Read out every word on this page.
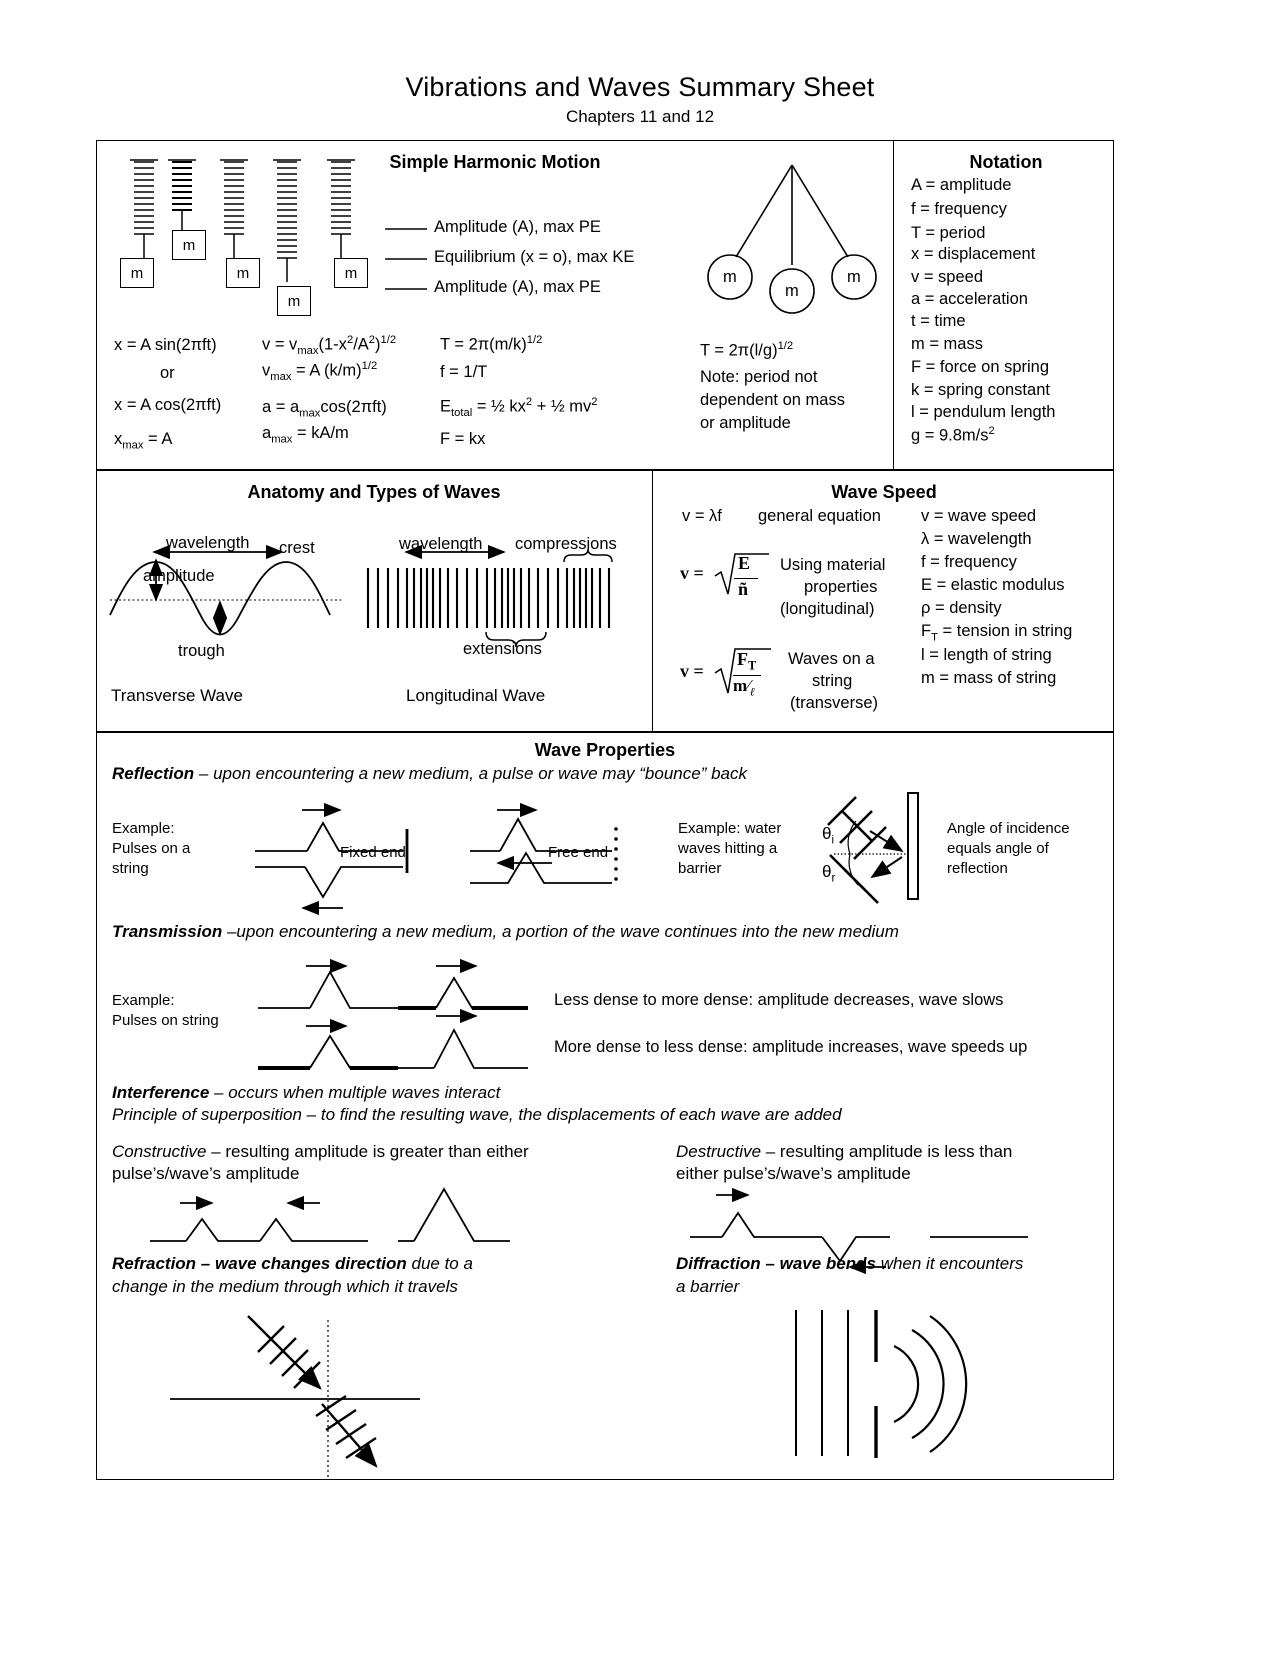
Vibrations and Waves Summary Sheet
Chapters 11 and 12
Simple Harmonic Motion	Notation
m
m
m
m
m
Amplitude (A), max PE
Equilibrium (x = o), max KE
Amplitude (A), max PE
m
m
m
x = A sin(2πft)
or
x = A cos(2πft)
$x_{max} = A$
$v = v_{max}(1-x^2/A^2)^{1/2}$
$v_{max} = A$ $(k/m)^{1/2}$
$a = a_{max}\cos(2\pi ft)$
$a_{max} = kA/m$
$T = 2\pi(m/k)^{1/2}$
f = 1/T
$E_{total}$ = ½ $kx^2$ + ½ $mv^2$
F = kx
$T = 2\pi(l/g)^{1/2}$
Note: period not
dependent on mass
or amplitude
A = amplitude
f = frequency
T = period
x = displacement
v = speed
a = acceleration
t = time
m = mass
F = force on spring
k = spring constant
l = pendulum length
$g = 9.8m/s^2$
Anatomy and Types of Waves	Wave Speed
wavelength crest
amplitude
trough
Transverse Wave
wavelength compressions
extensions
Longitudinal Wave
v = λf general equation
v = E
ñ
Using material
properties
(longitudinal)
v =
$F_T$
$m⁄_\ell$
Waves on a
string
(transverse)
v = wave speed
λ = wavelength
f = frequency
E = elastic modulus
ρ = density
$F_T$ = tension in string
l = length of string
m = mass of string
Wave Properties
Reflection – upon encountering a new medium, a pulse or wave may “bounce” back
Example:
Pulses on a
string
Fixed end	Free end
Example: water
waves hitting a
barrier
$\theta_i$
$\theta_r$
Angle of incidence
equals angle of
reflection
Transmission –upon encountering a new medium, a portion of the wave continues into the new medium
Example:
Pulses on string
Less dense to more dense: amplitude decreases, wave slows
More dense to less dense: amplitude increases, wave speeds up
Interference – occurs when multiple waves interact
Principle of superposition – to find the resulting wave, the displacements of each wave are added
Constructive – resulting amplitude is greater than either
pulse’s/wave’s amplitude
Destructive – resulting amplitude is less than
either pulse’s/wave’s amplitude
Refraction – wave changes direction due to a
change in the medium through which it travels
Diffraction – wave bends when it encounters
a barrier
